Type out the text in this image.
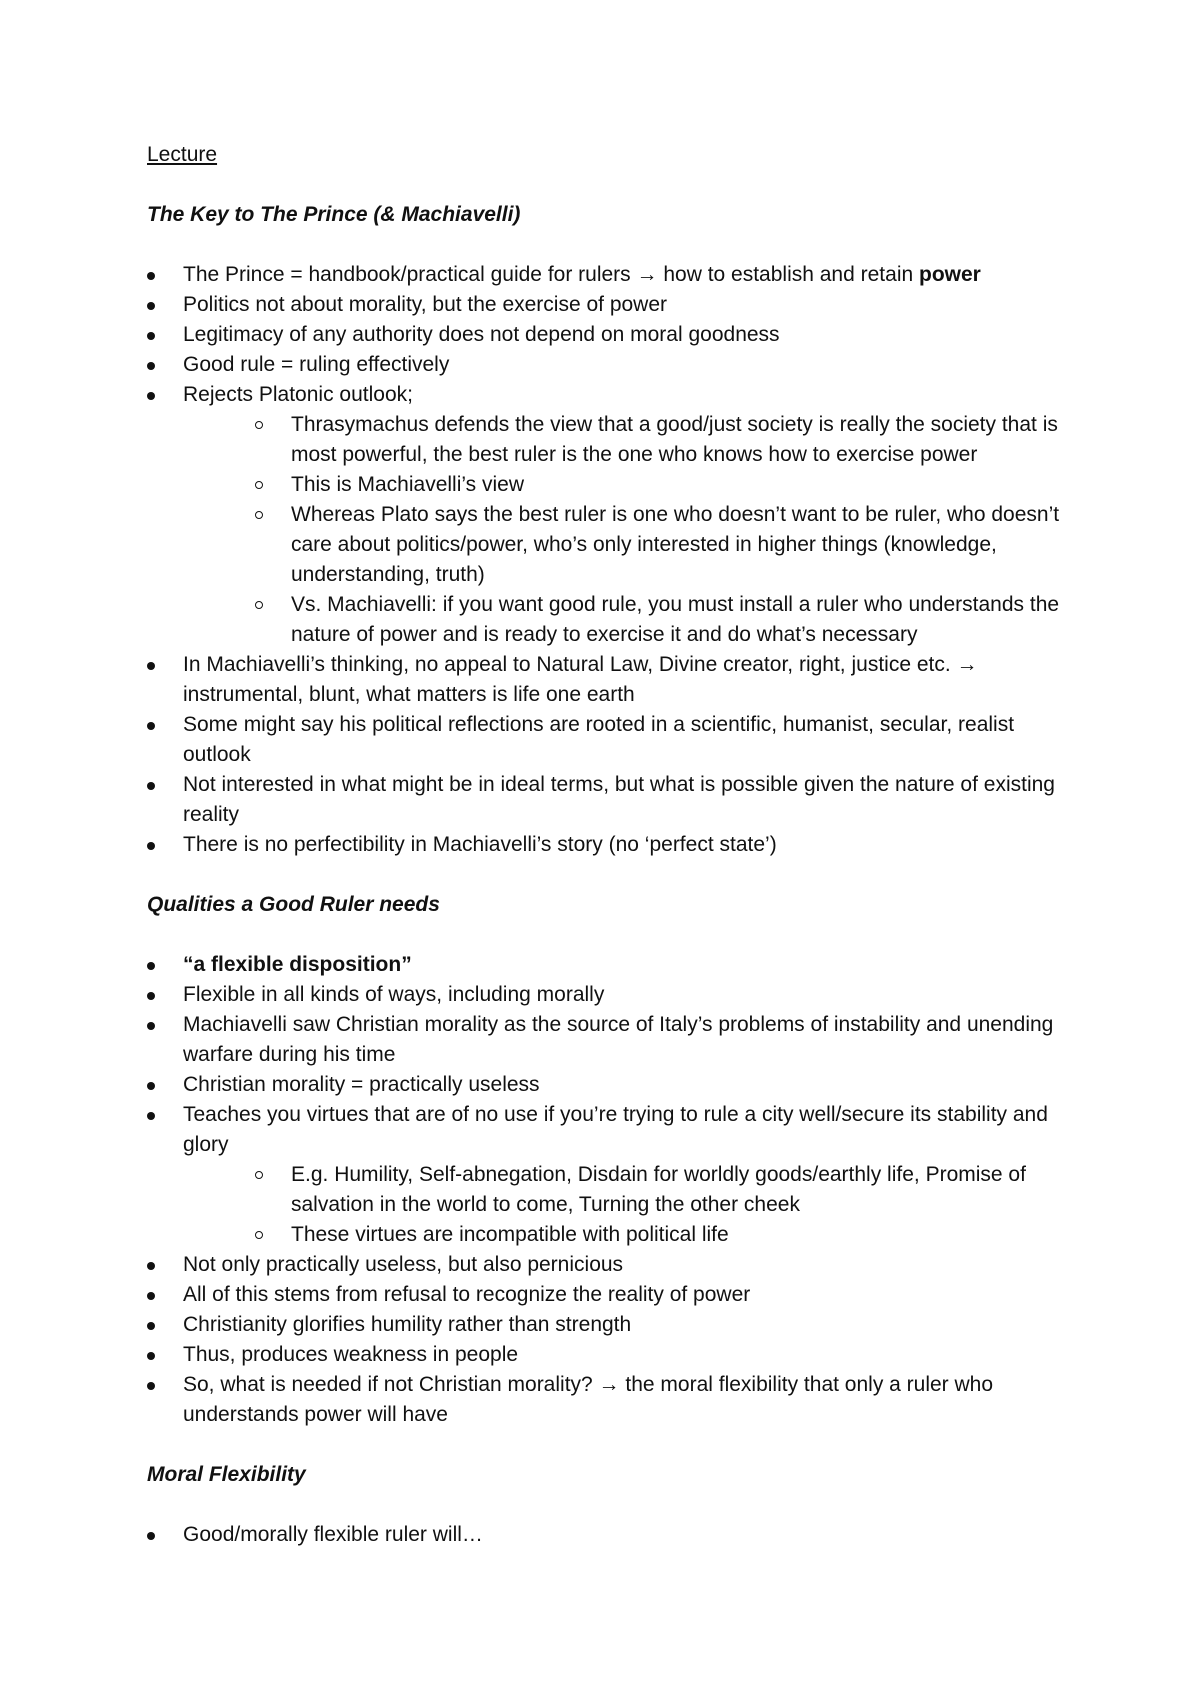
Lecture

The Key to The Prince (& Machiavelli)

The Prince = handbook/practical guide for rulers → how to establish and retain power
Politics not about morality, but the exercise of power
Legitimacy of any authority does not depend on moral goodness
Good rule = ruling effectively
Rejects Platonic outlook;
Thrasymachus defends the view that a good/just society is really the society that is most powerful, the best ruler is the one who knows how to exercise power
This is Machiavelli’s view
Whereas Plato says the best ruler is one who doesn’t want to be ruler, who doesn’t care about politics/power, who’s only interested in higher things (knowledge, understanding, truth)
Vs. Machiavelli: if you want good rule, you must install a ruler who understands the nature of power and is ready to exercise it and do what’s necessary
In Machiavelli’s thinking, no appeal to Natural Law, Divine creator, right, justice etc. → instrumental, blunt, what matters is life one earth
Some might say his political reflections are rooted in a scientific, humanist, secular, realist outlook
Not interested in what might be in ideal terms, but what is possible given the nature of existing reality
There is no perfectibility in Machiavelli’s story (no ‘perfect state’)

Qualities a Good Ruler needs

“a flexible disposition”
Flexible in all kinds of ways, including morally
Machiavelli saw Christian morality as the source of Italy’s problems of instability and unending warfare during his time
Christian morality = practically useless
Teaches you virtues that are of no use if you’re trying to rule a city well/secure its stability and glory
E.g. Humility, Self-abnegation, Disdain for worldly goods/earthly life, Promise of salvation in the world to come, Turning the other cheek
These virtues are incompatible with political life
Not only practically useless, but also pernicious
All of this stems from refusal to recognize the reality of power
Christianity glorifies humility rather than strength
Thus, produces weakness in people
So, what is needed if not Christian morality? → the moral flexibility that only a ruler who understands power will have

Moral Flexibility

Good/morally flexible ruler will…
